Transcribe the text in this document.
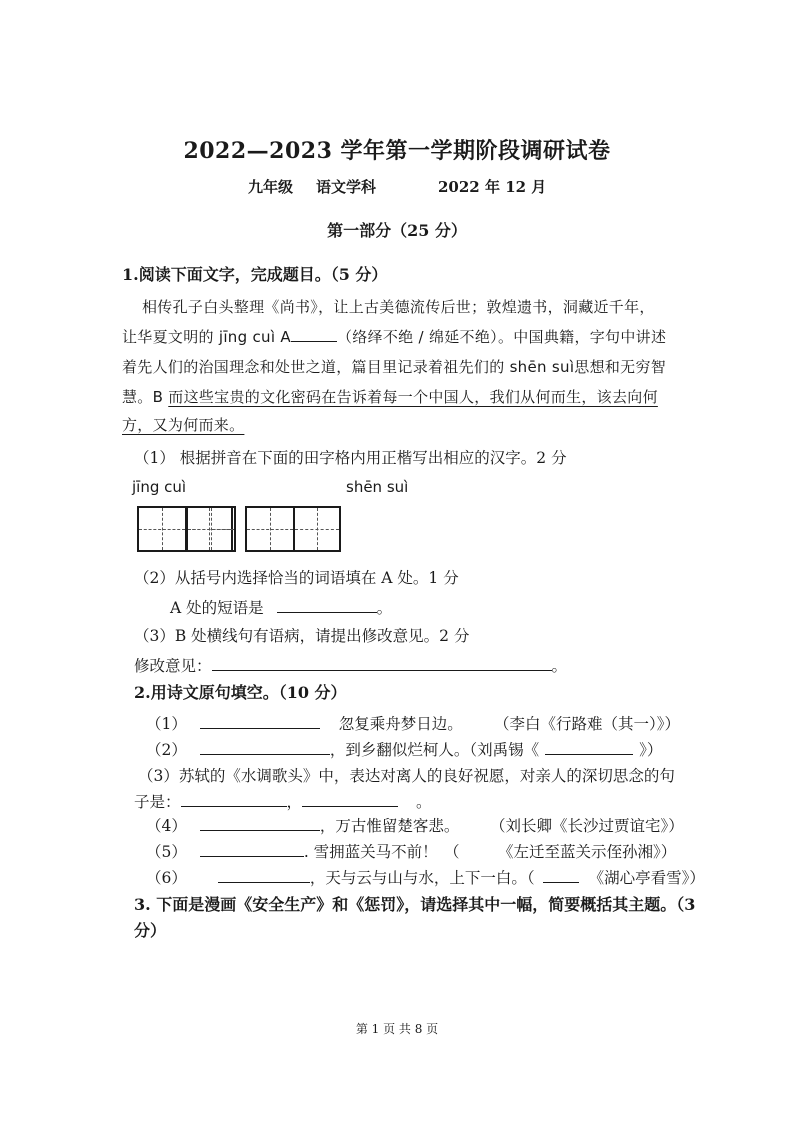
2022—2023 学年第一学期阶段调研试卷
九年级 语文学科	2022 年 12 月
第一部分（25 分）
1.阅读下面文字，完成题目。（5 分）
相传孔子白头整理《尚书》，让上古美德流传后世；敦煌遗书，洞藏近千年，
让华夏文明的 jīng cuì A	（络绎不绝 / 绵延不绝）。中国典籍，字句中讲述
着先人们的治国理念和处世之道，篇目里记录着祖先们的 shēn suì思想和无穷智
慧。B 而这些宝贵的文化密码在告诉着每一个中国人，我们从何而生，该去向何
方，又为何而来。
（1） 根据拼音在下面的田字格内用正楷写出相应的汉字。2 分
jīng cuì	shēn suì
（2）从括号内选择恰当的词语填在 A 处。1 分
A 处的短语是	。
（3）B 处横线句有语病，请提出修改意见。2 分
修改意见：	。
2.用诗文原句填空。（10 分）
（1）	忽复乘舟梦日边。 （李白《行路难（其一）》）
（2）	，到乡翻似烂柯人。（刘禹锡《	》）
（3）苏轼的《水调歌头》中，表达对离人的良好祝愿，对亲人的深切思念的句
子是：	，	。
（4）	，万古惟留楚客悲。 （刘长卿《长沙过贾谊宅》）
（5）	. 雪拥蓝关马不前！ （ 《左迁至蓝关示侄孙湘》）
（6）	，天与云与山与水，上下一白。（	《湖心亭看雪》）
3. 下面是漫画《安全生产》和《惩罚》，请选择其中一幅，简要概括其主题。（3
分）
第 1 页 共 8 页
